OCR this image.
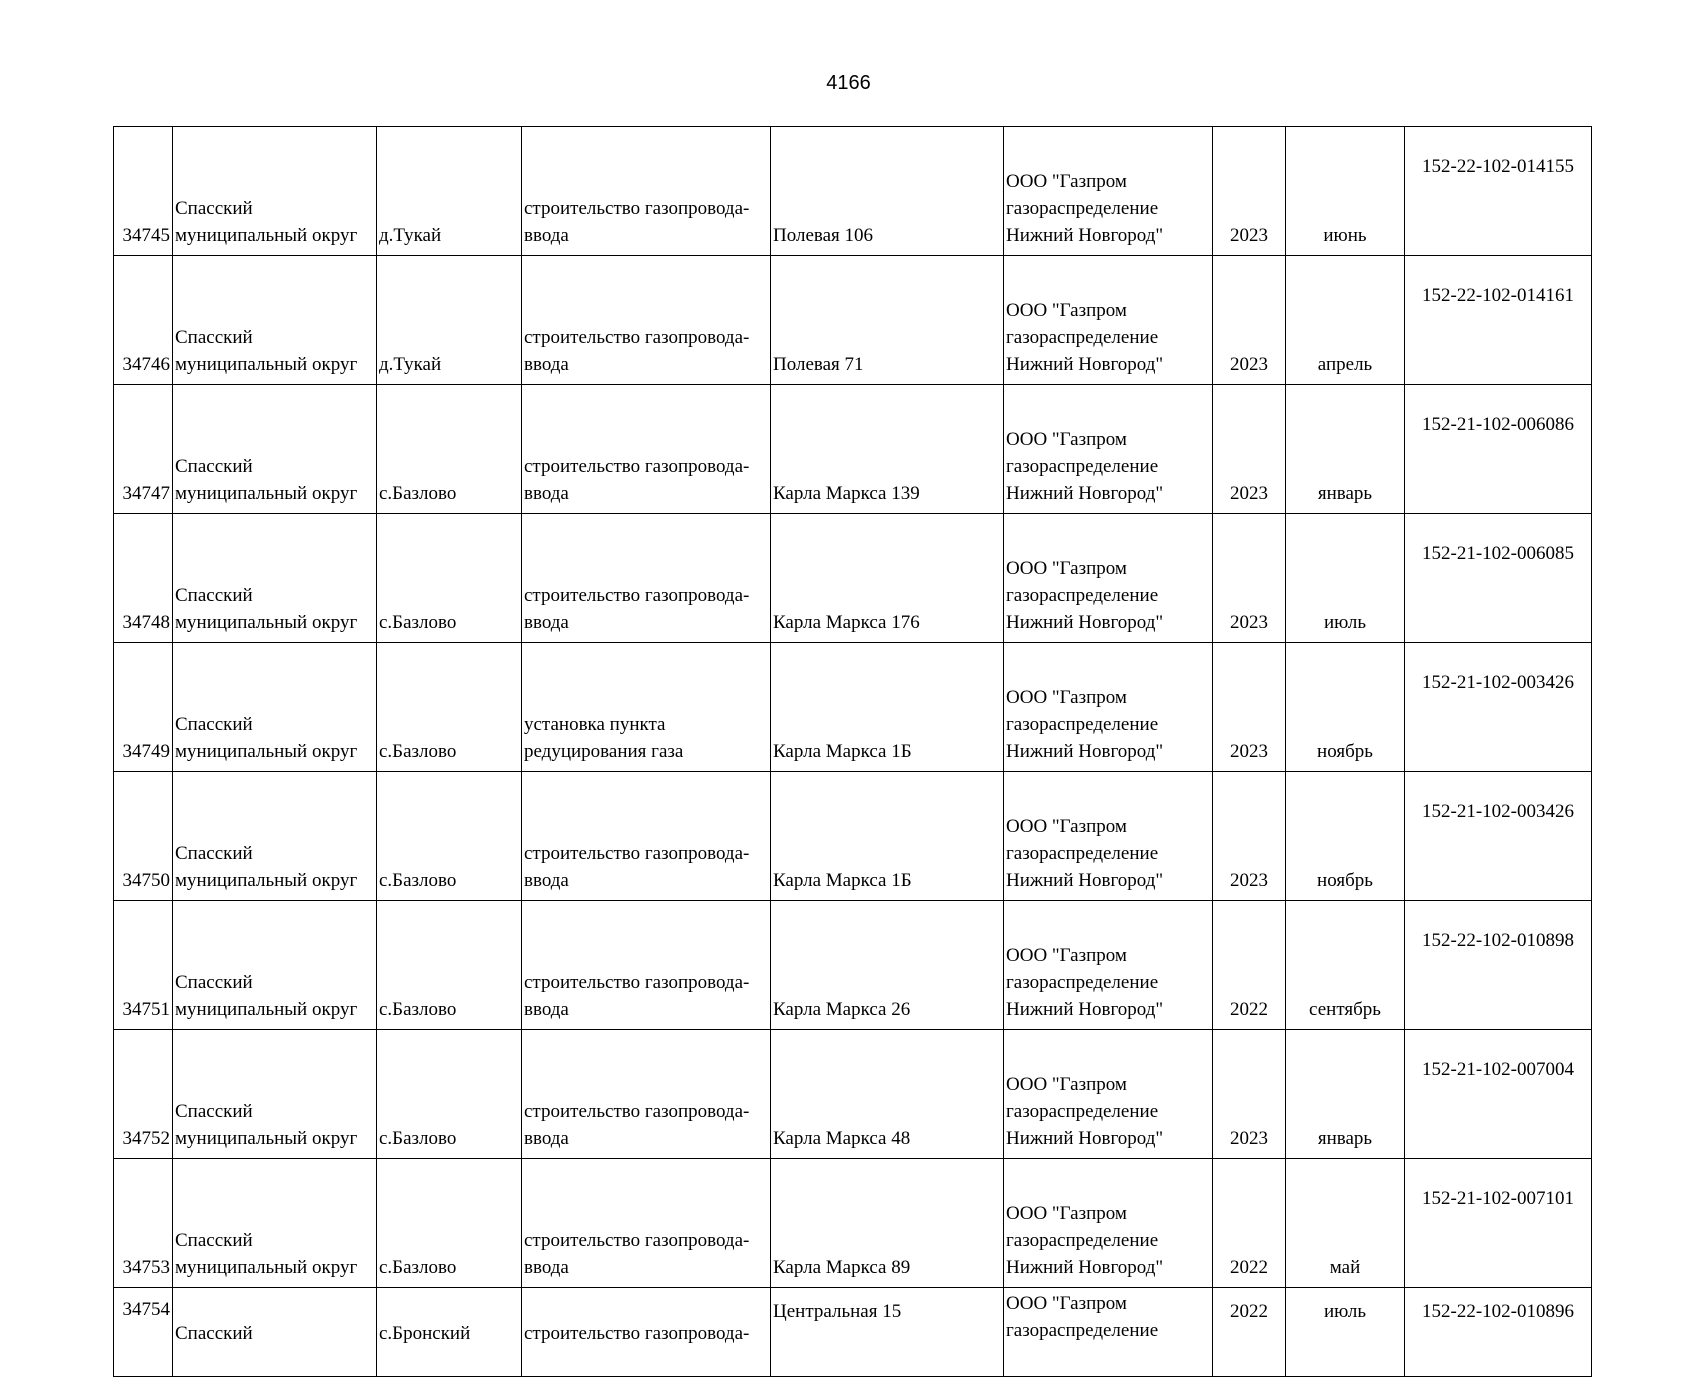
4166
34745	Спасский
муниципальный округ	д.Тукай	строительство газопровода-
ввода	Полевая 106	ООО "Газпром
газораспределение
Нижний Новгород"	2023	июнь	152-22-102-014155
34746	Спасский
муниципальный округ	д.Тукай	строительство газопровода-
ввода	Полевая 71	ООО "Газпром
газораспределение
Нижний Новгород"	2023	апрель	152-22-102-014161
34747	Спасский
муниципальный округ	с.Базлово	строительство газопровода-
ввода	Карла Маркса 139	ООО "Газпром
газораспределение
Нижний Новгород"	2023	январь	152-21-102-006086
34748	Спасский
муниципальный округ	с.Базлово	строительство газопровода-
ввода	Карла Маркса 176	ООО "Газпром
газораспределение
Нижний Новгород"	2023	июль	152-21-102-006085
34749	Спасский
муниципальный округ	с.Базлово	установка пункта
редуцирования газа	Карла Маркса 1Б	ООО "Газпром
газораспределение
Нижний Новгород"	2023	ноябрь	152-21-102-003426
34750	Спасский
муниципальный округ	с.Базлово	строительство газопровода-
ввода	Карла Маркса 1Б	ООО "Газпром
газораспределение
Нижний Новгород"	2023	ноябрь	152-21-102-003426
34751	Спасский
муниципальный округ	с.Базлово	строительство газопровода-
ввода	Карла Маркса 26	ООО "Газпром
газораспределение
Нижний Новгород"	2022	сентябрь	152-22-102-010898
34752	Спасский
муниципальный округ	с.Базлово	строительство газопровода-
ввода	Карла Маркса 48	ООО "Газпром
газораспределение
Нижний Новгород"	2023	январь	152-21-102-007004
34753	Спасский
муниципальный округ	с.Базлово	строительство газопровода-
ввода	Карла Маркса 89	ООО "Газпром
газораспределение
Нижний Новгород"	2022	май	152-21-102-007101
34754	Спасский	с.Бронский	строительство газопровода-	Центральная 15	ООО "Газпром
газораспределение	2022	июль	152-22-102-010896
